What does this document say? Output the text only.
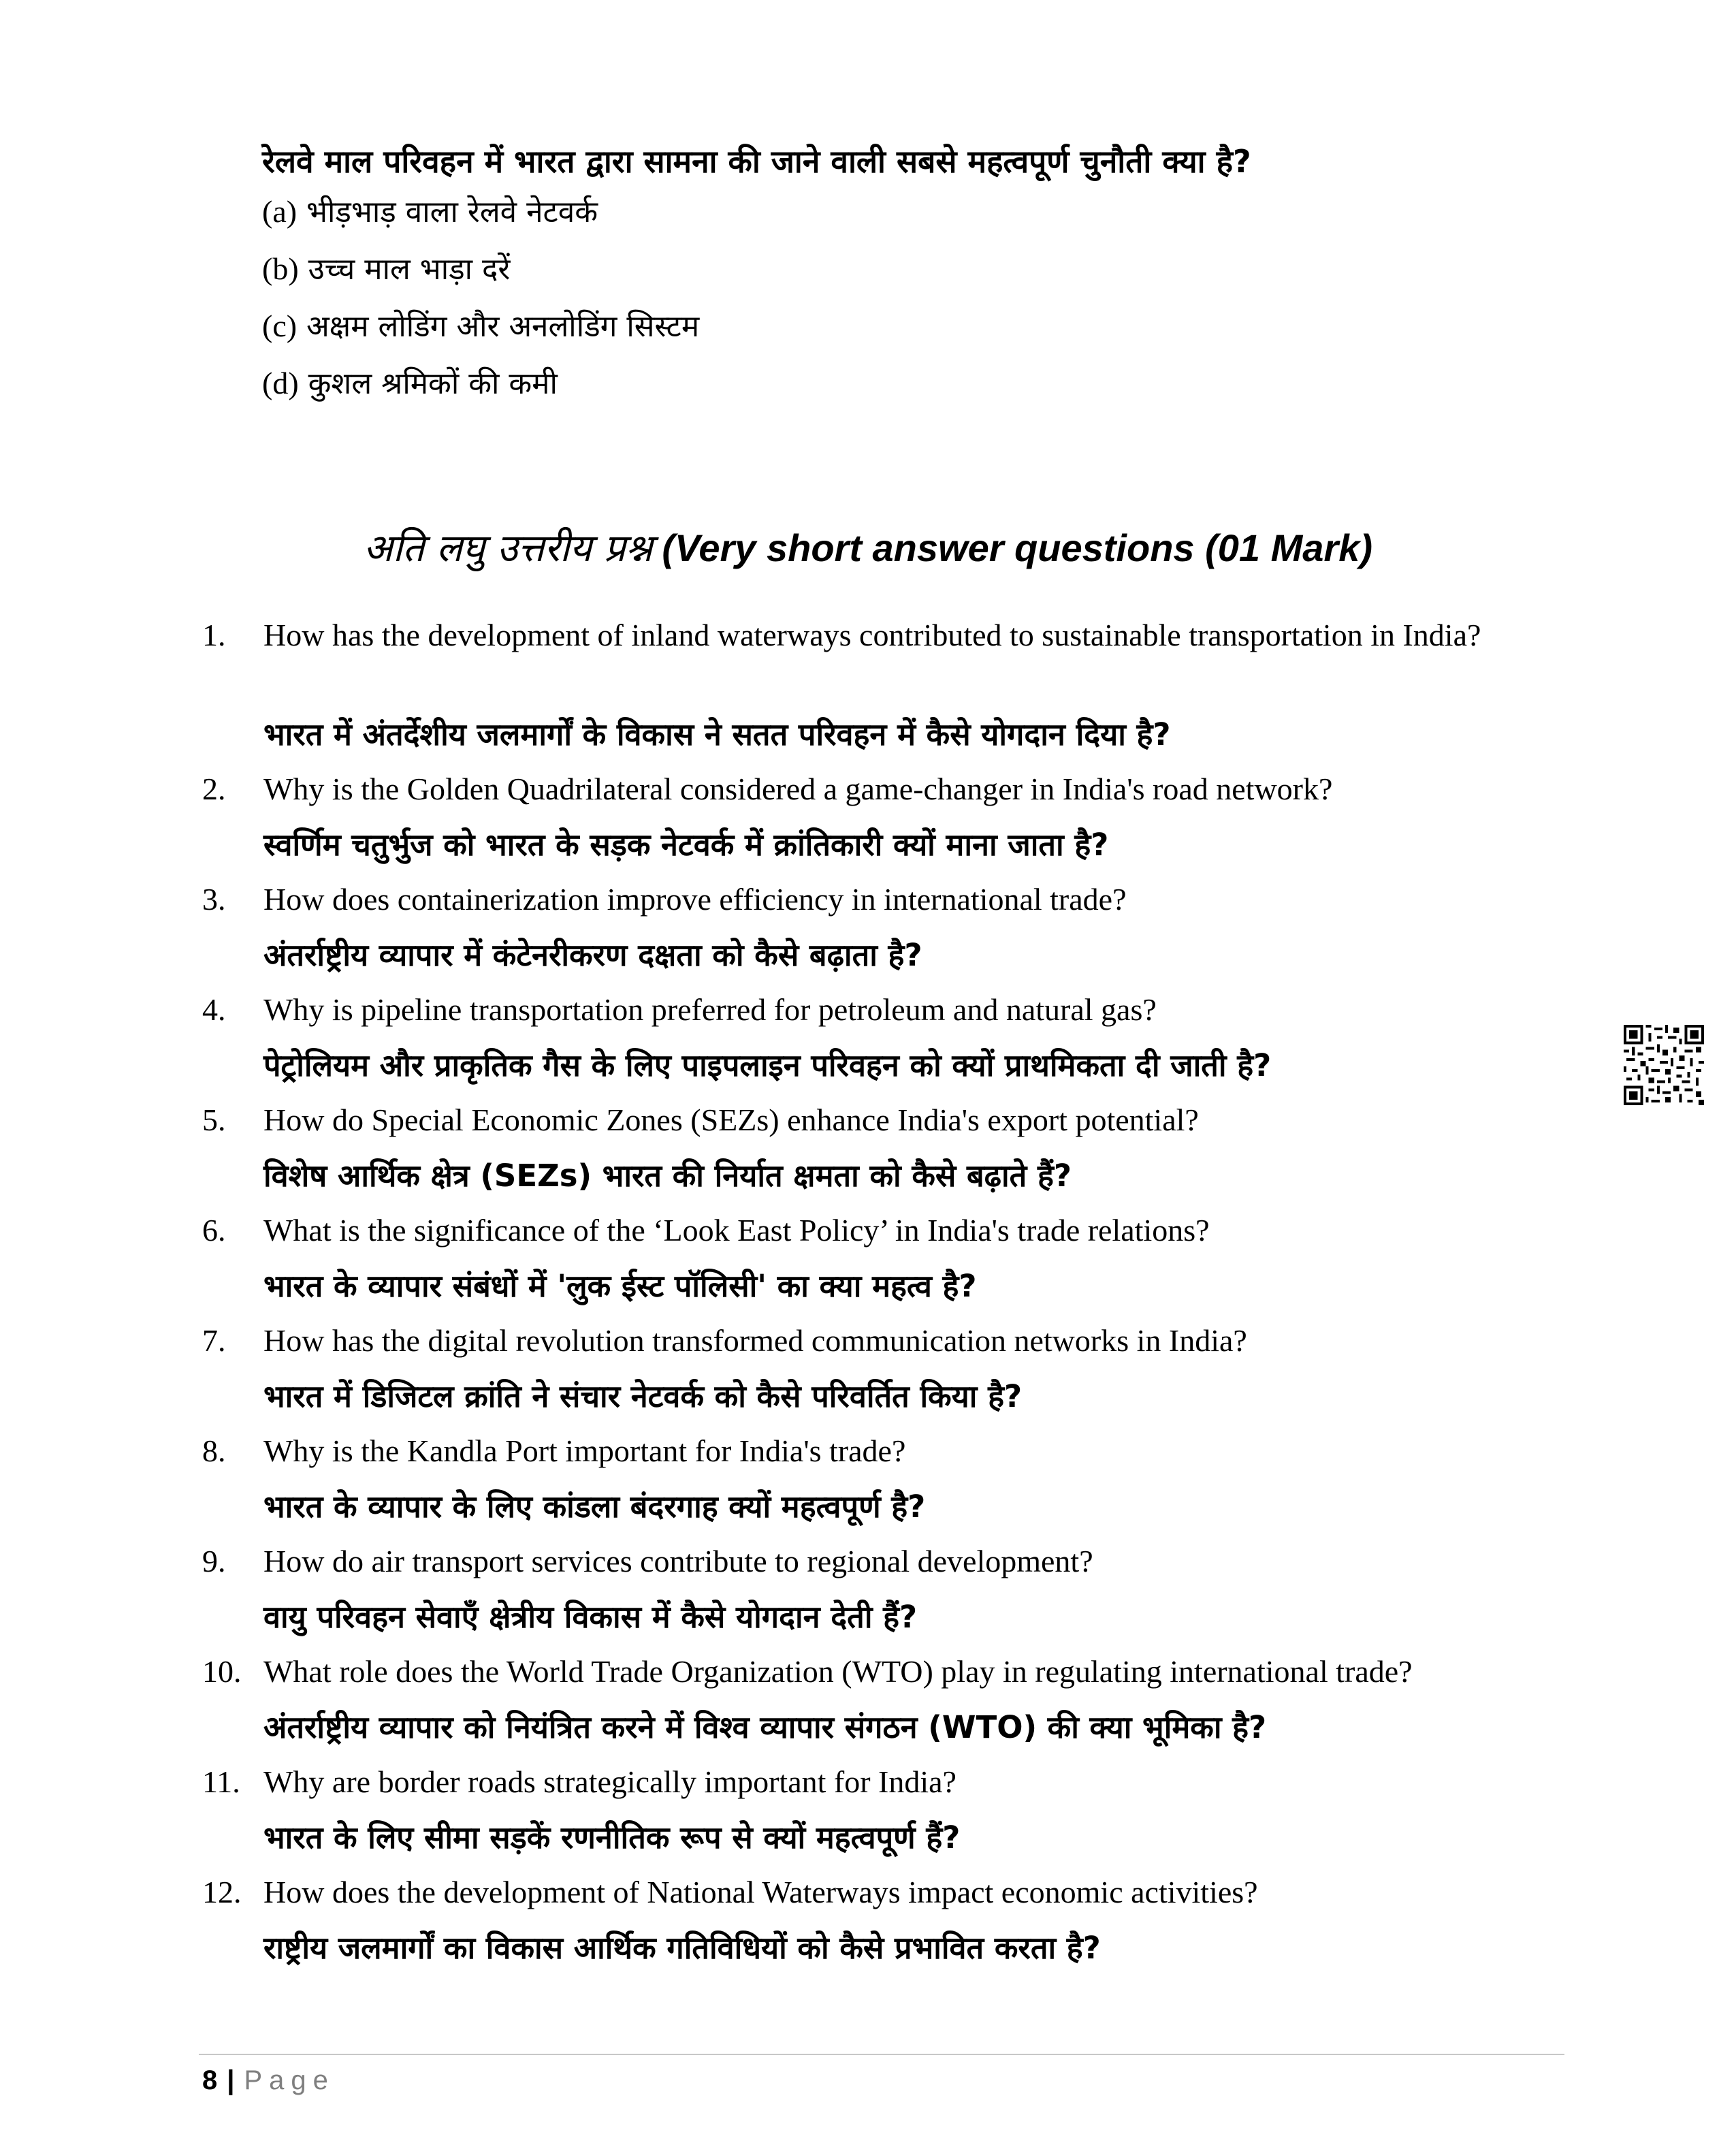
रेलवे माल परिवहन में भारत द्वारा सामना की जाने वाली सबसे महत्वपूर्ण चुनौती क्या है?
(a) भीड़भाड़ वाला रेलवे नेटवर्क
(b) उच्च माल भाड़ा दरें
(c) अक्षम लोडिंग और अनलोडिंग सिस्टम
(d) कुशल श्रमिकों की कमी
अति लघु उत्तरीय प्रश्न (Very short answer questions (01 Mark)
1. How has the development of inland waterways contributed to sustainable transportation in India?
भारत में अंतर्देशीय जलमार्गों के विकास ने सतत परिवहन में कैसे योगदान दिया है?
2. Why is the Golden Quadrilateral considered a game-changer in India's road network?
स्वर्णिम चतुर्भुज को भारत के सड़क नेटवर्क में क्रांतिकारी क्यों माना जाता है?
3. How does containerization improve efficiency in international trade?
अंतर्राष्ट्रीय व्यापार में कंटेनरीकरण दक्षता को कैसे बढ़ाता है?
4. Why is pipeline transportation preferred for petroleum and natural gas?
पेट्रोलियम और प्राकृतिक गैस के लिए पाइपलाइन परिवहन को क्यों प्राथमिकता दी जाती है?
5. How do Special Economic Zones (SEZs) enhance India's export potential?
विशेष आर्थिक क्षेत्र (SEZs) भारत की निर्यात क्षमता को कैसे बढ़ाते हैं?
6. What is the significance of the ‘Look East Policy’ in India's trade relations?
भारत के व्यापार संबंधों में 'लुक ईस्ट पॉलिसी' का क्या महत्व है?
7. How has the digital revolution transformed communication networks in India?
भारत में डिजिटल क्रांति ने संचार नेटवर्क को कैसे परिवर्तित किया है?
8. Why is the Kandla Port important for India's trade?
भारत के व्यापार के लिए कांडला बंदरगाह क्यों महत्वपूर्ण है?
9. How do air transport services contribute to regional development?
वायु परिवहन सेवाएँ क्षेत्रीय विकास में कैसे योगदान देती हैं?
10. What role does the World Trade Organization (WTO) play in regulating international trade?
अंतर्राष्ट्रीय व्यापार को नियंत्रित करने में विश्व व्यापार संगठन (WTO) की क्या भूमिका है?
11. Why are border roads strategically important for India?
भारत के लिए सीमा सड़कें रणनीतिक रूप से क्यों महत्वपूर्ण हैं?
12. How does the development of National Waterways impact economic activities?
राष्ट्रीय जलमार्गों का विकास आर्थिक गतिविधियों को कैसे प्रभावित करता है?
8 | Page
